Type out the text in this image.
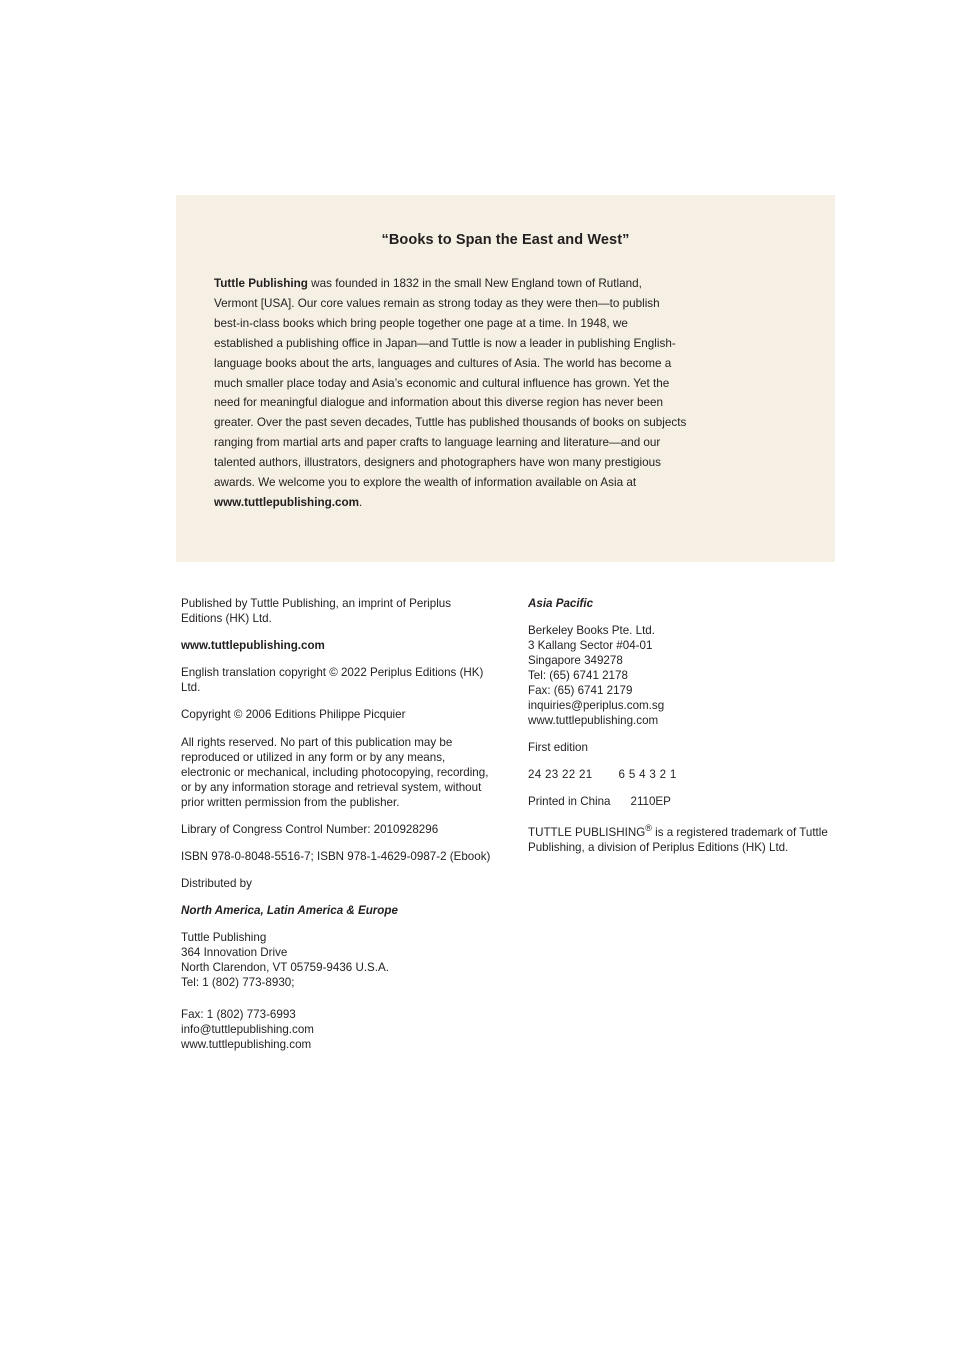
“Books to Span the East and West”

Tuttle Publishing was founded in 1832 in the small New England town of Rutland, Vermont [USA]. Our core values remain as strong today as they were then—to publish best-in-class books which bring people together one page at a time. In 1948, we established a publishing office in Japan—and Tuttle is now a leader in publishing English-language books about the arts, languages and cultures of Asia. The world has become a much smaller place today and Asia’s economic and cultural influence has grown. Yet the need for meaningful dialogue and information about this diverse region has never been greater. Over the past seven decades, Tuttle has published thousands of books on subjects ranging from martial arts and paper crafts to language learning and literature—and our talented authors, illustrators, designers and photographers have won many prestigious awards. We welcome you to explore the wealth of information available on Asia at www.tuttlepublishing.com.

Published by Tuttle Publishing, an imprint of Periplus Editions (HK) Ltd.

www.tuttlepublishing.com

English translation copyright © 2022 Periplus Editions (HK) Ltd.

Copyright © 2006 Editions Philippe Picquier

All rights reserved. No part of this publication may be reproduced or utilized in any form or by any means, electronic or mechanical, including photocopying, recording, or by any information storage and retrieval system, without prior written permission from the publisher.

Library of Congress Control Number: 2010928296

ISBN 978-0-8048-5516-7; ISBN 978-1-4629-0987-2 (Ebook)

Distributed by

North America, Latin America & Europe

Tuttle Publishing
364 Innovation Drive
North Clarendon, VT 05759-9436 U.S.A.
Tel: 1 (802) 773-8930;

Fax: 1 (802) 773-6993
info@tuttlepublishing.com
www.tuttlepublishing.com

Asia Pacific

Berkeley Books Pte. Ltd.
3 Kallang Sector #04-01
Singapore 349278
Tel: (65) 6741 2178
Fax: (65) 6741 2179
inquiries@periplus.com.sg
www.tuttlepublishing.com

First edition

24 23 22 21 6 5 4 3 2 1

Printed in China 2110EP

TUTTLE PUBLISHING® is a registered trademark of Tuttle Publishing, a division of Periplus Editions (HK) Ltd.
